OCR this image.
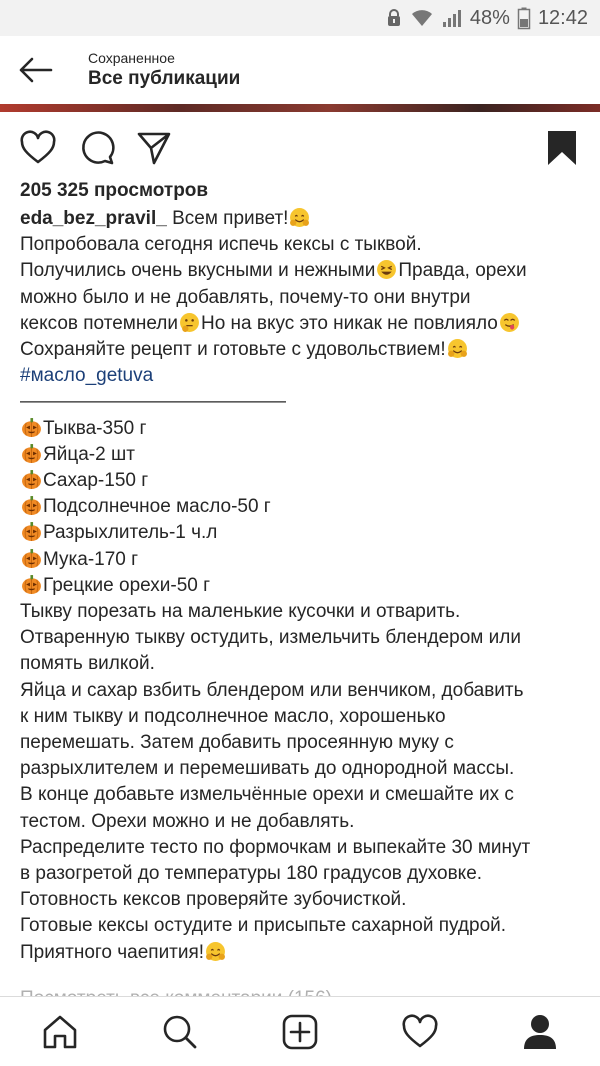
48% 12:42
Сохраненное
Все публикации
205 325 просмотров
eda_bez_pravil_ Всем привет!
Попробовала сегодня испечь кексы с тыквой.
Получились очень вкусными и нежными Правда, орехи
можно было и не добавлять, почему-то они внутри
кексов потемнели Но на вкус это никак не повлияло
Сохраняйте рецепт и готовьте с удовольствием!
#масло_getuva
——————————————
Тыква-350 г
Яйца-2 шт
Сахар-150 г
Подсолнечное масло-50 г
Разрыхлитель-1 ч.л
Мука-170 г
Грецкие орехи-50 г
Тыкву порезать на маленькие кусочки и отварить.
Отваренную тыкву остудить, измельчить блендером или
помять вилкой.
Яйца и сахар взбить блендером или венчиком, добавить
к ним тыкву и подсолнечное масло, хорошенько
перемешать. Затем добавить просеянную муку с
разрыхлителем и перемешивать до однородной массы.
В конце добавьте измельчённые орехи и смешайте их с
тестом. Орехи можно и не добавлять.
Распределите тесто по формочкам и выпекайте 30 минут
в разогретой до температуры 180 градусов духовке.
Готовность кексов проверяйте зубочисткой.
Готовые кексы остудите и присыпьте сахарной пудрой.
Приятного чаепития!
